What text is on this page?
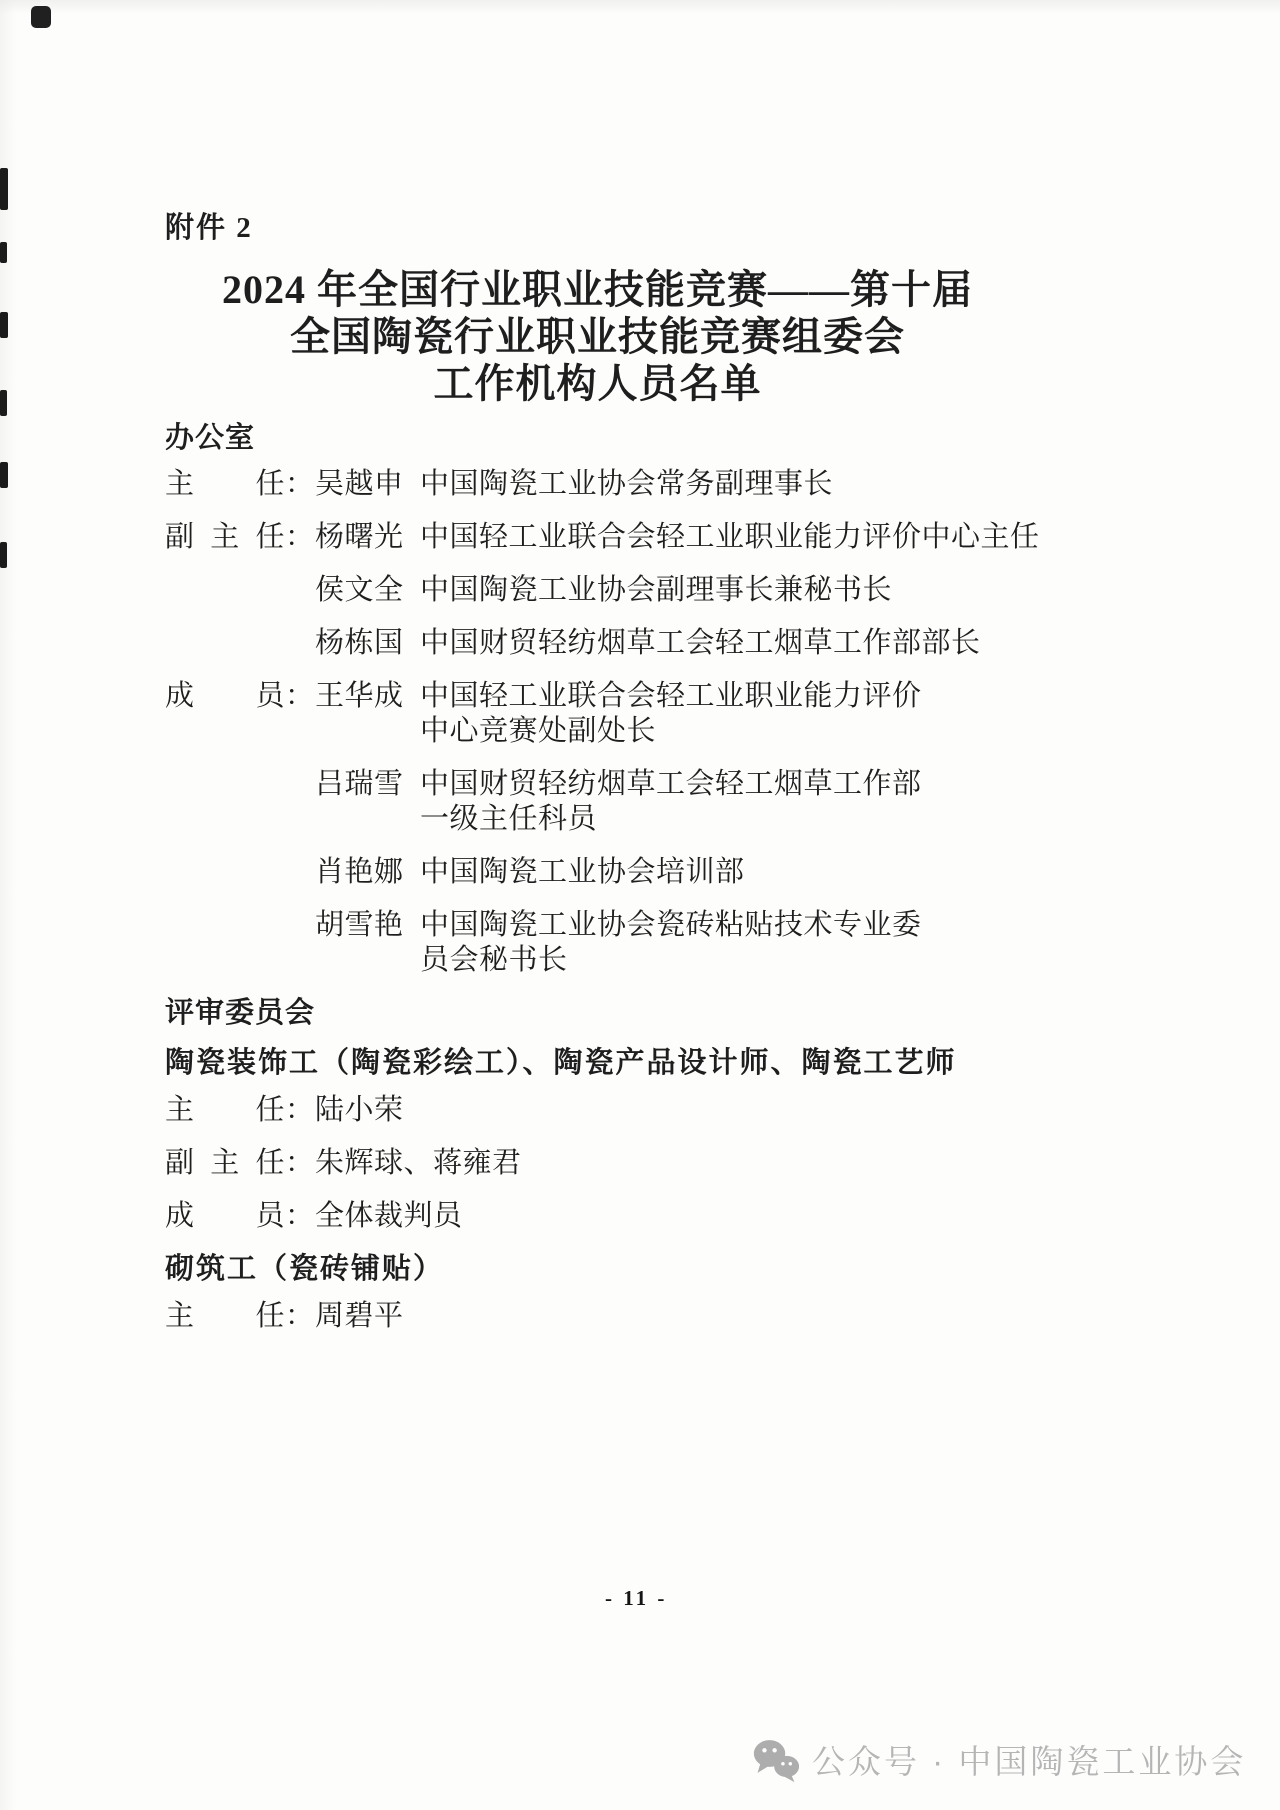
附件 2
2024 年全国行业职业技能竞赛——第十届
全国陶瓷行业职业技能竞赛组委会
工作机构人员名单
办公室
主任 ： 吴越申 中国陶瓷工业协会常务副理事长
副主任 ： 杨曙光 中国轻工业联合会轻工业职业能力评价中心主任
侯文全 中国陶瓷工业协会副理事长兼秘书长
杨栋国 中国财贸轻纺烟草工会轻工烟草工作部部长
成员 ： 王华成 中国轻工业联合会轻工业职业能力评价
中心竞赛处副处长
吕瑞雪 中国财贸轻纺烟草工会轻工烟草工作部
一级主任科员
肖艳娜 中国陶瓷工业协会培训部
胡雪艳 中国陶瓷工业协会瓷砖粘贴技术专业委
员会秘书长
评审委员会
陶瓷装饰工（陶瓷彩绘工）、陶瓷产品设计师、陶瓷工艺师
主任 ： 陆小荣
副主任 ： 朱辉球、蒋雍君
成员 ： 全体裁判员
砌筑工（瓷砖铺贴）
主任 ： 周碧平
- 11 -
公众号 · 中国陶瓷工业协会
